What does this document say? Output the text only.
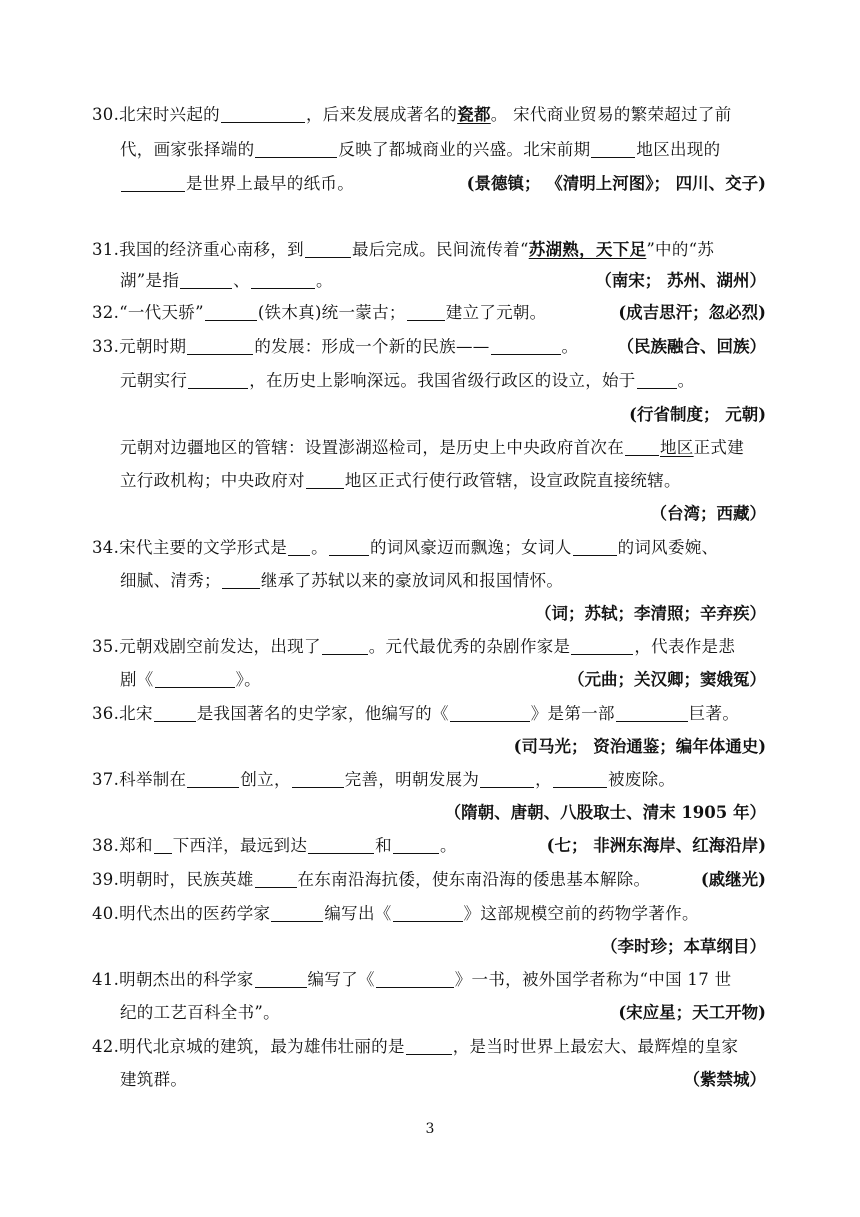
30.北宋时兴起的	，后来发展成著名的瓷都。 宋代商业贸易的繁荣超过了前
代，画家张择端的	反映了都城商业的兴盛。北宋前期	地区出现的
是世界上最早的纸币。	(景德镇； 《清明上河图》； 四川、交子)
31.我国的经济重心南移，到	最后完成。民间流传着“苏湖熟，天下足”中的“苏
湖”是指	、	。	（南宋； 苏州、湖州）
32.“一代天骄”	(铁木真)统一蒙古； 建立了元朝。	(成吉思汗；忽必烈)
33.元朝时期	的发展：形成一个新的民族——	。 （民族融合、回族）
元朝实行	，在历史上影响深远。我国省级行政区的设立，始于	。
(行省制度； 元朝)
元朝对边疆地区的管辖：设置澎湖巡检司，是历史上中央政府首次在 地区正式建
立行政机构；中央政府对 地区正式行使行政管辖，设宣政院直接统辖。
（台湾；西藏）
34.宋代主要的文学形式是 。	的词风豪迈而飘逸；女词人	的词风委婉、
细腻、清秀； 继承了苏轼以来的豪放词风和报国情怀。
（词；苏轼；李清照；辛弃疾）
35.元朝戏剧空前发达，出现了	。元代最优秀的杂剧作家是	，代表作是悲
剧《	》。	（元曲；关汉卿；窦娥冤）
36.北宋	是我国著名的史学家，他编写的《	》是第一部	巨著。
(司马光； 资治通鉴；编年体通史)
37.科举制在	创立，	完善，明朝发展为	，	被废除。
（隋朝、唐朝、八股取士、清末 1905 年）
38.郑和 下西洋，最远到达	和	。	(七； 非洲东海岸、红海沿岸)
39.明朝时，民族英雄	在东南沿海抗倭，使东南沿海的倭患基本解除。	(戚继光)
40.明代杰出的医药学家	编写出《	》这部规模空前的药物学著作。
（李时珍；本草纲目）
41.明朝杰出的科学家	编写了《	》一书，被外国学者称为“中国 17 世
纪的工艺百科全书”。	(宋应星；天工开物)
42.明代北京城的建筑，最为雄伟壮丽的是	，是当时世界上最宏大、最辉煌的皇家
建筑群。	（紫禁城）
3
